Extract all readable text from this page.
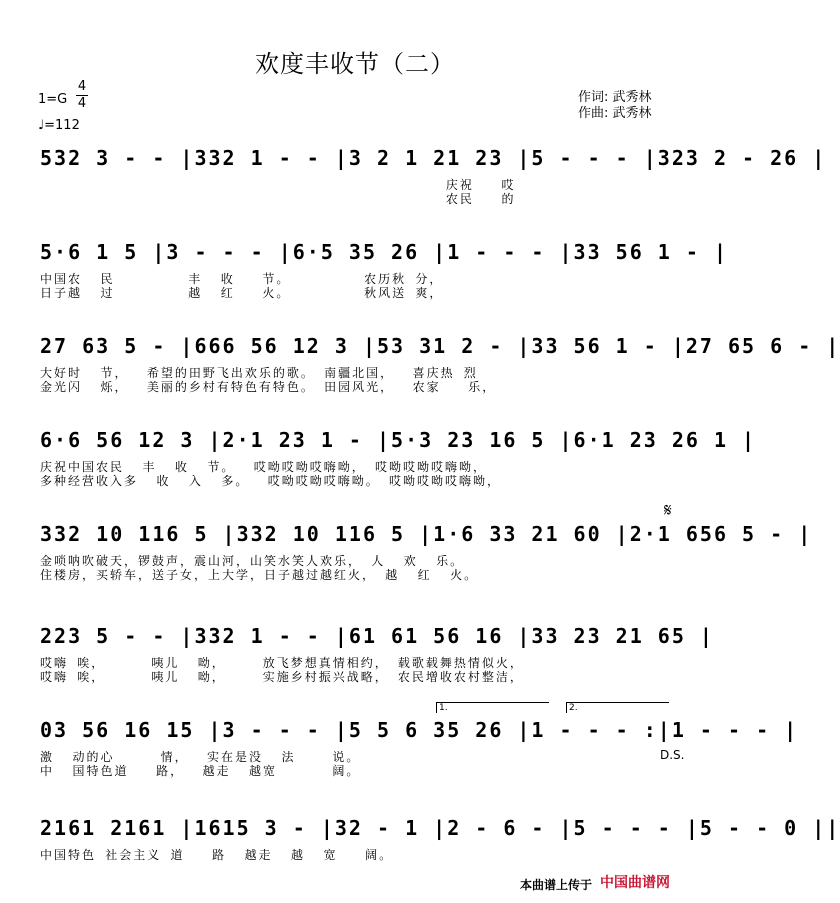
欢度丰收节（二）
1=G
4
4
♩=112
作词: 武秀林
作曲: 武秀林
532 3 - - |332 1 - - |3 2 1 21 23 |5 - - - |323 2 - 26 |
庆祝   哎
农民   的
5·6 1 5 |3 - - - |6·5 35 26 |1 - - - |33 56 1 - |
中国农  民        丰  收   节。        农历秋 分，
日子越  过        越  红   火。        秋风送 爽，
27 63 5 - |666 56 12 3 |53 31 2 - |33 56 1 - |27 65 6 - |
大好时  节，  希望的田野飞出欢乐的歌。 南疆北国，  喜庆热 烈
金光闪  烁，  美丽的乡村有特色有特色。 田园风光，  农家   乐，
6·6 56 12 3 |2·1 23 1 - |5·3 23 16 5 |6·1 23 26 1 |
庆祝中国农民  丰  收  节。  哎呦哎呦哎嗨呦， 哎呦哎呦哎嗨呦，
多种经营收入多  收  入  多。  哎呦哎呦哎嗨呦。 哎呦哎呦哎嗨呦，
332 10 116 5 |332 10 116 5 |1·6 33 21 60 |2·1 656 5 - |
金唢呐吹破天，锣鼓声，震山河，山笑水笑人欢乐， 人  欢  乐。
住楼房，买轿车，送子女，上大学，日子越过越红火， 越  红  火。
𝄋
223 5 - - |332 1 - - |61 61 56 16 |33 23 21 65 |
哎嗨 唉，     咦儿  呦，    放飞梦想真情相约， 载歌载舞热情似火，
哎嗨 唉，     咦儿  呦，    实施乡村振兴战略， 农民增收农村整洁，
1.	2.
03 56 16 15 |3 - - - |5 5 6 35 26 |1 - - - :|1 - - - |
激  动的心     情，  实在是没  法    说。
中  国特色道   路，  越走  越宽      阔。
D.S.
2161 2161 |1615 3 - |32 - 1 |2 - 6 - |5 - - - |5 - - 0 ||
中国特色 社会主义 道   路  越走  越  宽   阔。
本曲谱上传于 中国曲谱网
